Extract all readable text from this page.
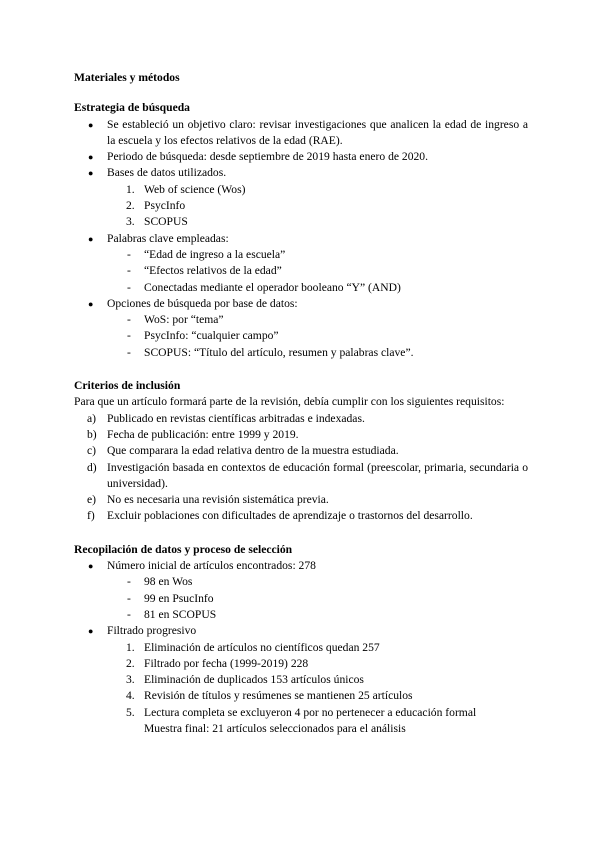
Materiales y métodos
Estrategia de búsqueda
●	Se estableció un objetivo claro: revisar investigaciones que analicen la edad de ingreso a la escuela y los efectos relativos de la edad (RAE).
●	Periodo de búsqueda: desde septiembre de 2019 hasta enero de 2020.
●	Bases de datos utilizados.
1. Web of science (Wos)
2. PsycInfo
3. SCOPUS
●	Palabras clave empleadas:
- “Edad de ingreso a la escuela”
- “Efectos relativos de la edad”
- Conectadas mediante el operador booleano “Y” (AND)
●	Opciones de búsqueda por base de datos:
- WoS: por “tema”
- PsycInfo: “cualquier campo”
- SCOPUS: “Título del artículo, resumen y palabras clave”.
Criterios de inclusión
Para que un artículo formará parte de la revisión, debía cumplir con los siguientes requisitos:
a) Publicado en revistas científicas arbitradas e indexadas.
b) Fecha de publicación: entre 1999 y 2019.
c) Que comparara la edad relativa dentro de la muestra estudiada.
d) Investigación basada en contextos de educación formal (preescolar, primaria, secundaria o universidad).
e) No es necesaria una revisión sistemática previa.
f) Excluir poblaciones con dificultades de aprendizaje o trastornos del desarrollo.
Recopilación de datos y proceso de selección
●	Número inicial de artículos encontrados: 278
- 98 en Wos
- 99 en PsucInfo
- 81 en SCOPUS
●	Filtrado progresivo
1. Eliminación de artículos no científicos quedan 257
2. Filtrado por fecha (1999-2019) 228
3. Eliminación de duplicados 153 artículos únicos
4. Revisión de títulos y resúmenes se mantienen 25 artículos
5. Lectura completa se excluyeron 4 por no pertenecer a educación formal
Muestra final: 21 artículos seleccionados para el análisis
